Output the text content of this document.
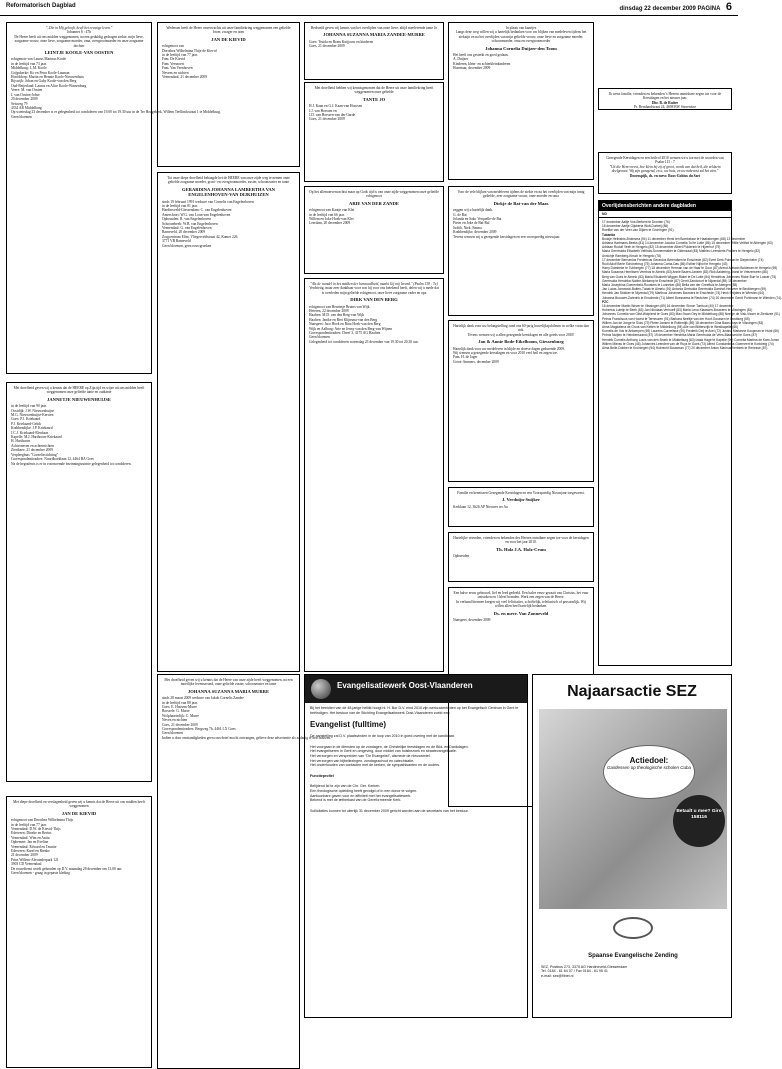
Reformatorisch Dagblad	dinsdag 22 december 2009 PAGINA 6
"..Die in Mij gelooft, heeft het eeuwige leven."
Johannes 6 : 47b
De Heere heeft uit ons midden weggenomen, na een geduldig gedragen ziekte, mijn lieve, zorgzame vrouw, onze lieve, zorgzame moeder, oma, overgrootmoeder en onze zorgzame dochter
LEINTJE KOOLE-VAN OOSTEN
echtgenote van Laurus Marinus Koole
in de leeftijd van 73 jaar.
Middelburg: L.M. Koole
Grijpskerke: Ko en Petra Koole-Lauman
Hoofddorp: Martin en Hennie Koole-Nieuwenhuis
Rijswijk: Johan en Gaby Koole-van den Berg
Oud-Beijerland: Laurus en Alice Koole-Wassenburg
Veere: M. van Oosten
J. van Oosten-Jobse
20 december 2009
Seisweg 79
4334 AR Middelburg
Op woensdag 23 december is er gelegenheid tot condoleren van 19.00 tot 19.30 uur in de Ter Hoogekerk, Willem Teellinckstraat 1 te Middelburg.
Geen bloemen
Met droefheid geven wij u kennis dat de HEERE op Zijn tijd en wijze uit ons midden heeft weggenomen onze geliefde tante en oudtante
JANNETJE NIEUWENHUIJSE
in de leeftijd van 90 jaar.
Oostdijk: J.W. Nieuwenhuijse
M.G. Nieuwenhuijse-Kersten
Goes: P.J. Kriekaard
P.J. Kriekaard-Gelok
Krabbendijke: J.P. Kriekaard
J.C.J. Kriekaard-Elenbaas
Kapelle: M.J. Harthoorn-Kriekaard
H. Harthoorn
Achterneven en achternichten
Zierikzee, 21 december 2009
Verpleeghuis "Cornelisstichting"
Correspondentieadres: Noordhoeklaan 12, 4464 BA Goes
Na de begrafenis is er in voornoemde bezinningsruimte gelegenheid tot condoleren.
Met diepe droefheid en verslagenheid geven wij u kennis dat de Heere uit ons midden heeft weggenomen
JAN DE KIEVID
echtgenoot van Dorothea Wilhelmina Thijs
in de leeftijd van 77 jaar.
Veenendaal: D.W. de Kievid-Thijs
Ederveen: Dineke en Bertus
Veenendaal: Wim en Anita
Ophemert: Jan en Eveline
Veenendaal: Edward en Teuntie
Ederveen: Karel en Rienke
21 december 2009
Prins Willem-Alexanderpark 121
3903 CD Veenendaal
De rouwdienst wordt gehouden op D.V. maandag 28 december om 13.00 uur.
Geen bloemen - graag in gepaste kleding
Wederom heeft de Heere onverwachts uit onze familiekring weggenomen een geliefde broer, zwager en oom
JAN DE KIEVID
echtgenoot van
Dorothea Wilhelmina Thijs-de Kievid
in de leeftijd van 77 jaar.
Fam. De Kievid
Fam. Versnoert
Fam. Van Veenhoven
Nevens en nichten
Veenendaal, 21 december 2009
Tot onze diepe droefheid behaagde het de HEERE van onze zijde weg te nemen onze geliefde zorgzame moeder, groot- en overgrootmoeder, zuster, schoonzuster en tante
GERARDINA JOHANNA LAMBERTHA VAN ENGELENHOVEN-VAN DIJKHUIZEN
sinds 19 februari 1991 weduwe van Cornelis van Engelenhoven
in de leeftijd van 81 jaar.
Hardinxveld-Giessendam: C. van Engelenhoven
Amersfoort: W.G. van Loon-van Engelenhoven
Opheusden: R. van Engelenhoven
Schoonebeek: W.B. van Engelenhoven
Veenendaal: G. van Engelenhoven
Barneveld, 20 december 2009
Zorgcentrum Elim, Vliegerveldstraat 42, Kamer 226
3771 VB Barneveld
Geen bloemen, geen rouwgroeken
Met droefheid geven wij u kennis dat de Heere van onze zijde heeft weggenomen, na een moeilijke levensavond, onze geliefde zuster, schoonzuster en tante
JOHANNA SUZANNA MARIA MURRE
sinds 28 maart 2009 weduwe van Jakob Cornelis Zandee
in de leeftijd van 88 jaar.
Goes: E. Hussem-Murre
Borssele: G. Murre
Wolphaartsdijk: C. Murre
Neven en nichten
Goes, 21 december 2009
Correspondentieadres: Bergweg 7b, 4461 LX Goes
Geen bloemen
Indien u door omstandigheden geen rouwbrief mocht ontvangen, gelieve deze advertentie als zodanig te beschouwen.
Bedroefd geven wij kennis van het overlijden van onze lieve, altijd meelevende tante Jo
JOHANNA SUZANNA MARIA ZANDEE-MURRE
Goes: Truida en Bram Kuijjouw en kinderen
Goes, 21 december 2009
Met droefheid hebben wij kennisgenomen dat de Heere uit onze familiekring heeft weggenomen onze geliefde
TANTE JO
H.J. Kaan en G.J. Kaan-van Hoorsen
J.J. van Horssen en
J.D. van Horssen-van der Garde
Goes, 21 december 2009
Op het allemonverwachtst maar op Gods tijd is van onze zijde weggenomen onze geliefde echtgenoot
ARIE VAN DER ZANDE
echtgenoot van Kaatje van Klet
in de leeftijd van 66 jaar.
Willem en Joke Hoek-van Klet
Leerdam, 20 december 2009
"Als de wandel in het midden der benauwdheid, maakt Gij mij levend." (Psalm 138 : 7a)
Verdrietig, maar zeer dankbaar voor wat hij voor ons betekend heeft, delen wij u mede dat is overleden mijn geliefde echtgenoot, onze lieve zorgzame vader en opa
DIRK VAN DEN BERG
echtgenoot van Henrietje Bruins van Wijk
Heteren, 22 december 2009
Haaften: M.D. van den Berg-van Wijk
Haaften: Janike en Bert Klijnsma-van den Berg
Nunspeet: Jaco Hoek en Rina Hoek-van den Berg
Wijk en Aalburg: Arie en Jenny van den Berg-van Wijnen
Correspondentieadres: Dreef 3, 4175 AG Haaften
Geen bloemen
Gelegenheid tot condoleren woensdag 23 december van 19.30 tot 20.30 uur.
In plaats van kaartjes
Langs deze weg willen wij u hartelijk bedanken voor uw blijken van medeleven tijdens het ziekzijn en na het overlijden van mijn geliefde vrouw, onze lieve en zorgzame moeder, schoonmoeder, oma en overgrootmoeder
Johanna Cornelia Duijzer-den Toom
Het heeft ons gesterkt en goed gedaan.
A. Duijzer
Kinderen, klein- en achterkleinkinderen
Hoornaar, december 2009
Voor de vele blijken van medeleven tijdens de ziekte en na het overlijden van mijn innig geliefde, zeer zorgzame vrouw, onze moeder en oma
Dirkje de Bat-van der Maas
zeggen wij u hartelijk dank.
G. de Bat
Jolanda en Sako Verquelle-de Bat
Pieter en Joke de Bat-Bal
Judith, Niek, Emma
Krabbendijke, december 2009
Tevens wensen wij u gezegende kerstdagen en een voorspoedig nieuwjaar.
Hartelijk dank voor uw belangstelling rond ons 60-jarig huwelijksjubileum in welke vorm dan ook.
Tevens wensen wij u allen gezegende kerstdagen en alle goeds voor 2010!
Jan & Annie Bode-Eikelboom, Giessenburg
Hartelijk dank voor uw medeleven in blijde en droeve dagen gedurende 2009.
Wij wensen u gezegende kerstdagen en voor 2010 veel heil en zegen toe.
Fam. H. de Jager
Groot-Ammers, december 2009
Familie en kennissen Gezegende Kerstdagen en een Voorspoedig Nieuwjaar toegewenst.
J. Verduijn-Suijker
Kerklaan 12, 3626 AP Nieuwer ter Aa
Hartelijke vrienden, vrienden en bekenden des Heeren ontnibare zegen toe voor de kerstdagen en voor het jaar 2010.
Th. Holz J.A. Holz-Crum
Ophuesden
Een halve eeuw gebouwd, lief en leed gedeeld. Een halve eeuw gezaait van Christus, het vuur ontstoken en 't bleef branden. Werk een zegen van de Heere.
In verband hiermee kregen wij veel felicitaties, schriftelijk, telefonisch of persoonlijk. Wij willen allen heel hartelijk bedanken.
Ds. en mevr. Van Zonneveld
Nunspeet, december 2009
Ik wens familie, vrienden en bekenden 's Heeren onmisbare zegen toe voor de Kerstdagen en het nieuwe jaar.
Dhr. B. de Ruiter
Pr. Bernhardstraat 24, 4698 BW Stavenisse
Gezegende Kerstdagen en een heilvol 2010 wensen we u toe met de woorden van Psalm 115 : 7
"Uit die Hem vreest, hoe klein hij zij of groot, wordt van dat heil, die zeldzein deelgenoot. Wij zijn gezegend, en u, uw huis, en uw nakroost zal het zien."
Doornspijk, ds. en mevr. Roos-Gobius du Sart
Overlijdensberichten andere dagbladen
ND
17 december Aaltje Vos-Berkent te Dronten (76)
18 december Aartje Gijsberta Wolt-Durbeij (86)
Roelfke van der Veer-van Dijken te Groningen (91).
Tubantia
Boukje Helinsbis-Bruinsma (94) 11 december Henk ten Boerkelaar te Haaksbergen (68) 13 december
Adriana Hartmans-Beeks (81) 14 december Jacoba Cornelia Tol te Lutte (86) 15 december Willie Velthof te Albergen (63)
Adriaan Rudolf Veeh te Hengelo (82) 15 december Albert Polderink te Hijverhof (79)
Maria Geertruida Elisabeth Velthuis-Sonnenmaker te Oldenzaal (83) Mathieu Leenderts Poelers te Hengelo (82)
Annichje Ramberg-Kirsch te Hengelo (78)
17 december Bernardus Fredericus Gerardus Berendsen te Enschede (82) Evert Derk Polman te Diepenheim (74)
Rudi Adolf Berie Schönebrug (75) Johanna Corba-Das (86) Esther Nijhof te Hengelo (43)
Harry Dambeke te Tubbergen (77) 18 december Herman van de Haar te Goor (87) Arend Adriaan Boldewen te Hengelo (69)
Maria Susanna Henriksen Veerbos te Almelo (83) Annie Bazen-Jansen (83) Rick Aaldering-Brand te Vriezenveen (86)
Berg van Goes te Almelo (83) Maria Elisabeth Wigger-Rakel te De Lutte (84) Hendrikus Johannes Ricke Burr te Losser (75)
Geertruida Hendrika Nobbe-Niekamp te Enschede (87) Gerrit Zandvoort te Nijverdal (89) 19 december
Maria Josephina Goerenbeld-Roosters te Lonneker (86) Bella van der Greeftuis te Abergen (58)
Jan Lucas Jarrowski-Buiten-Tubak te Almelo (91) Antonia Gertruida Geertruida Damhof-Heuveer te Beckbergen (59)
Hendrik Jan Stukker te Nijverdal (79) Martinus Johannes Bouwers te Enschede (74) Henk Snijders te Wierden (64)
Johanna Brouwer-Zwierink te Enschede (71) Albert Boessema te Reutchen (74) 20 december Gerrit Pohlmann te Wierden (74).
PZC
16 december Martin Wezer te Vlissingen (69) 16 december Simon Tomtout (40) 17 december
Hubertus Luteijn te Beek (63) Jan Nicolaas Verhoeff (83) Maria Lena Klaassen-Bouwens te Vlissingen (81)
Johannes Cornelia van Gilst-Wolpiend te Goes (83) Max Swan Oey te Middelburg (88) Neeltje de Visk-Visser te Zierikzee (91)
Petrus Franciscus van Hoorst te Terneuzen (91) Barbara Neeltje van der Hoof-Goossen te Oostburg (65)
Willem Jan de Jonge te Sluis (73) Pieter Jansen te Rotterdijk (89) 18 december Dina Baan-Buys te Vlissingen (83)
Anna Magdalena de Groot-van Ketten te Middelburg (94) Alie van Blittersvijk te Westkapelle (66)
Kornelis de Vos te Antwerpen (69) Laurens Cornelisse (90) Frederik Deij te Axel (72) Justina Marianne Koopman te Hulst (66)
Petrus Nuijten te Heinkenszand (87) 19 december Hendrika Maria Geertruida de Vries-Blaasveld te Goes (87)
Hendrik Cornelis Anthony Louis van den Broek te Middelburg (83) Izaak Hage te Kapelle (90) Cornelia Martina de Kam-Jonse
Willem Mieras te Goes (46) Johannes Leendert van de Ruys te Goes (73) Alfred Constantinus Goerneert te Kortdreig (74)
Alma Belle-Dobber te Kruiningen (94) Hubrecht Bouwman (77) 20 december Anton Marinus Verbeek te Renesse (87).
Evangelisatiewerk Oost-Vlaanderen
Bij het beeidien van de 48-jarige hellikt hoogt hi. H. Bor D.V. eind 2010 zijn werkzaamheden op het Evangelisch Centrum in Gent te beëindigen. Het bestuur van de Stichting Evangelisatiewerk Oost-Vlaanderen zoekt een
Evangelist (fulltime)
De aanstelling zal D.V. plaatsvinden in de loop van 2010 in goed overleg met de kandidaat.
Het voorgaan in de diensten op de zondagen, de Christelijke feestdagen en de Biid- en Dankdagen.
Het evangeliseren in Gent en omgeving, door middel van huisbezoek en straatevangelisatie.
Het verzorgen en verspreiden van "De Evangelist", alsmede de nieuwsbrief.
Het verzorgen van bijbellezingen, zondagsschool en catechisatie.
Het onderhouden van contacten met de kerken, de sympathisanten en de ouders.
Functieprofiel
Belijdend lid te zijn van de Chr. Ger. Kerken.
Een theologische opleiding heeft gevolgd of in een donor te volgen.
Aantoonbare gaven voor en affiniteit met het evangelisatiewerk.
Bekend is met de ætherkast van de Gereformeerde Kerk.
Sollicitaties kunnen tot uiterlijk 31 december 2009 gericht worden aan de secretaris van het bestuur.
Najaarsactie SEZ
Actiedoel:
Gastlessen op theologische scholen Cuba
Betaalt u mee? Giro 158116
Spaanse Evangelische Zending
SEZ, Postbus 273, 3370 AG Hardinxveld-Giessendam
Tel. 0184 - 61 64 07 / Fax 0184 - 61 95 41
e-mail: sez@filnet.nl
